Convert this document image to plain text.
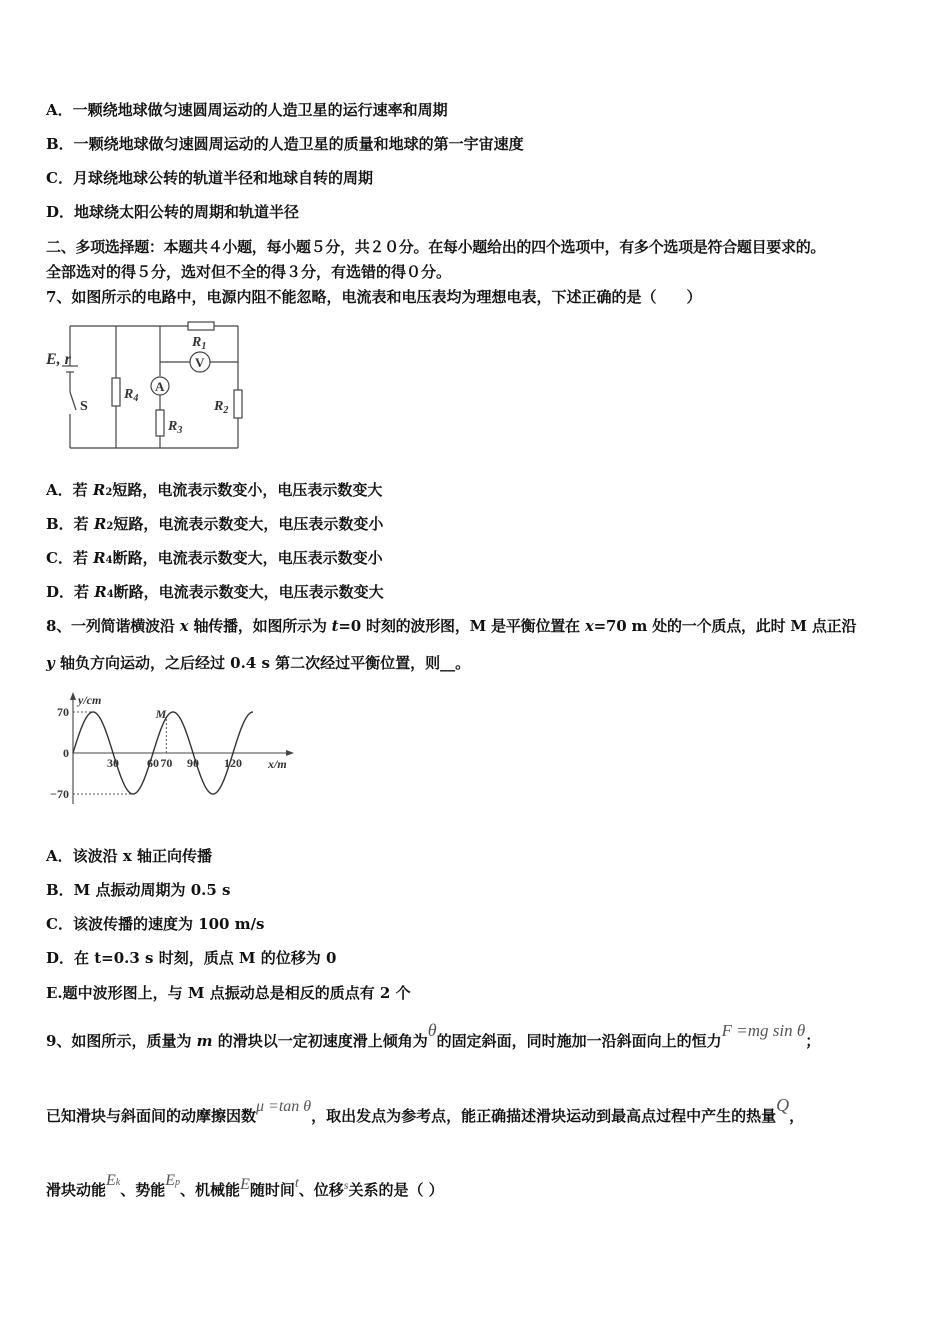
A．一颗绕地球做匀速圆周运动的人造卫星的运行速率和周期
B．一颗绕地球做匀速圆周运动的人造卫星的质量和地球的第一宇宙速度
C．月球绕地球公转的轨道半径和地球自转的周期
D．地球绕太阳公转的周期和轨道半径
二、多项选择题：本题共４小题，每小题５分，共２０分。在每小题给出的四个选项中，有多个选项是符合题目要求的。
全部选对的得５分，选对但不全的得３分，有选错的得０分。
7、如图所示的电路中，电源内阻不能忽略，电流表和电压表均为理想电表，下述正确的是（　　）
E, r
S
$R_4$
A
V
$R_1$
$R_2$
$R_3$
A．若 R2短路，电流表示数变小，电压表示数变大
B．若 R2短路，电流表示数变大，电压表示数变小
C．若 R4断路，电流表示数变大，电压表示数变小
D．若 R4断路，电流表示数变大，电压表示数变大
8、一列简谐横波沿 x 轴传播，如图所示为 t=0 时刻的波形图，M 是平衡位置在 x=70 m 处的一个质点，此时 M 点正沿
y 轴负方向运动，之后经过 0.4 s 第二次经过平衡位置，则__。
y/cm
x/m
70
0
−70
30 60 70 90 120
M
A．该波沿 x 轴正向传播
B．M 点振动周期为 0.5 s
C．该波传播的速度为 100 m/s
D．在 t=0.3 s 时刻，质点 M 的位移为 0
E.题中波形图上，与 M 点振动总是相反的质点有 2 个
9、如图所示，质量为 m 的滑块以一定初速度滑上倾角为θ的固定斜面，同时施加一沿斜面向上的恒力F =mg sin θ；
已知滑块与斜面间的动摩擦因数μ =tan θ，取出发点为参考点，能正确描述滑块运动到最高点过程中产生的热量Q，
滑块动能Ek、势能Ep、机械能E随时间t、位移$^s$关系的是（ ）
